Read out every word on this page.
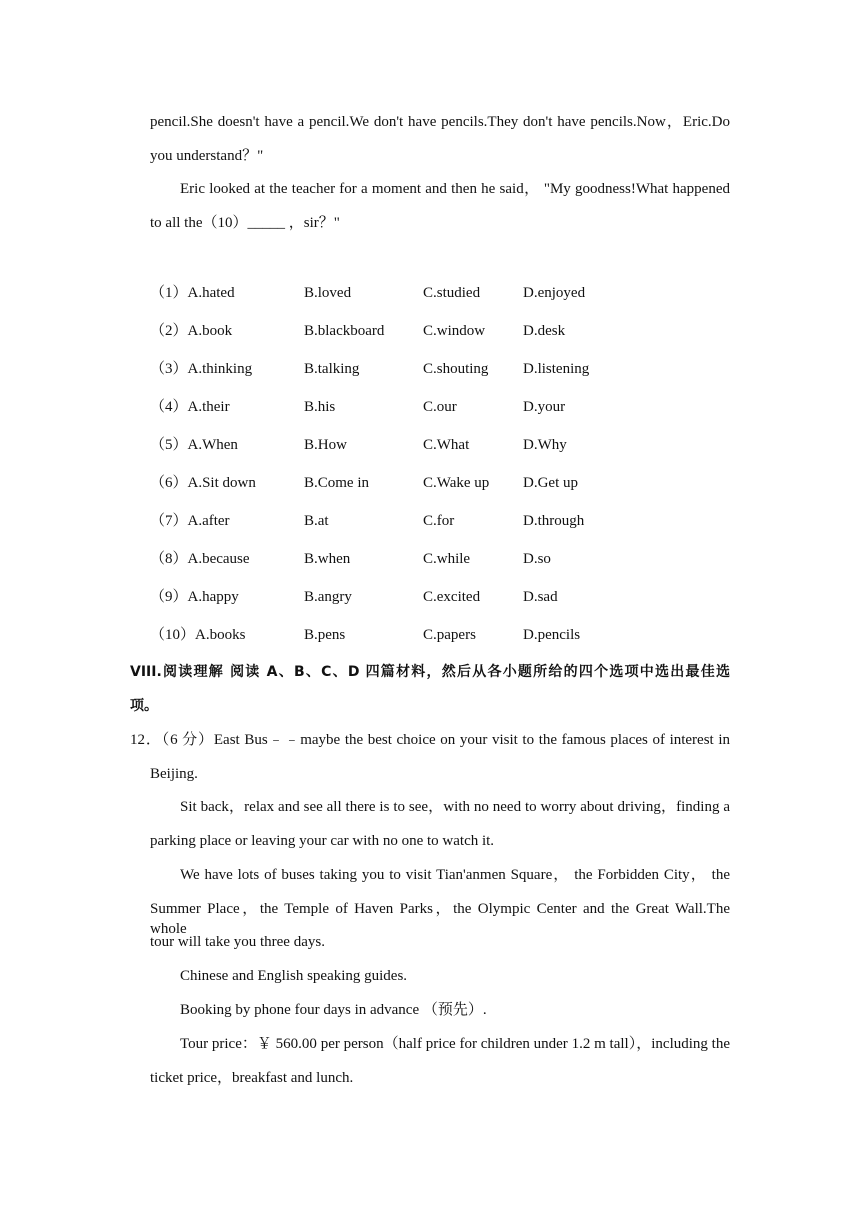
pencil.She doesn't have a pencil.We don't have pencils.They don't have pencils.Now，Eric.Do
you understand？"
Eric looked at the teacher for a moment and then he said， "My goodness!What happened
to all the（10）_____ ，sir？"
（1）A.hated	B.loved	C.studied	D.enjoyed
（2）A.book	B.blackboard	C.window	D.desk
（3）A.thinking	B.talking	C.shouting D.listening
（4）A.their	B.his	C.our	D.your
（5）A.When	B.How	C.What	D.Why
（6）A.Sit down	B.Come in	C.Wake up D.Get up
（7）A.after	B.at	C.for	D.through
（8）A.because	B.when	C.while	D.so
（9）A.happy	B.angry	C.excited	D.sad
（10）A.books	B.pens	C.papers	D.pencils
VIII.阅读理解 阅读 A、B、C、D 四篇材料，然后从各小题所给的四个选项中选出最佳选
项。
12．（6 分）East Bus﹣﹣maybe the best choice on your visit to the famous places of interest in
Beijing.
Sit back，relax and see all there is to see，with no need to worry about driving，finding a
parking place or leaving your car with no one to watch it.
We have lots of buses taking you to visit Tian'anmen Square， the Forbidden City， the
Summer Place，the Temple of Haven Parks，the Olympic Center and the Great Wall.The whole
tour will take you three days.
Chinese and English speaking guides.
Booking by phone four days in advance （预先）.
Tour price：￥ 560.00 per person（half price for children under 1.2 m tall），including the
ticket price，breakfast and lunch.
